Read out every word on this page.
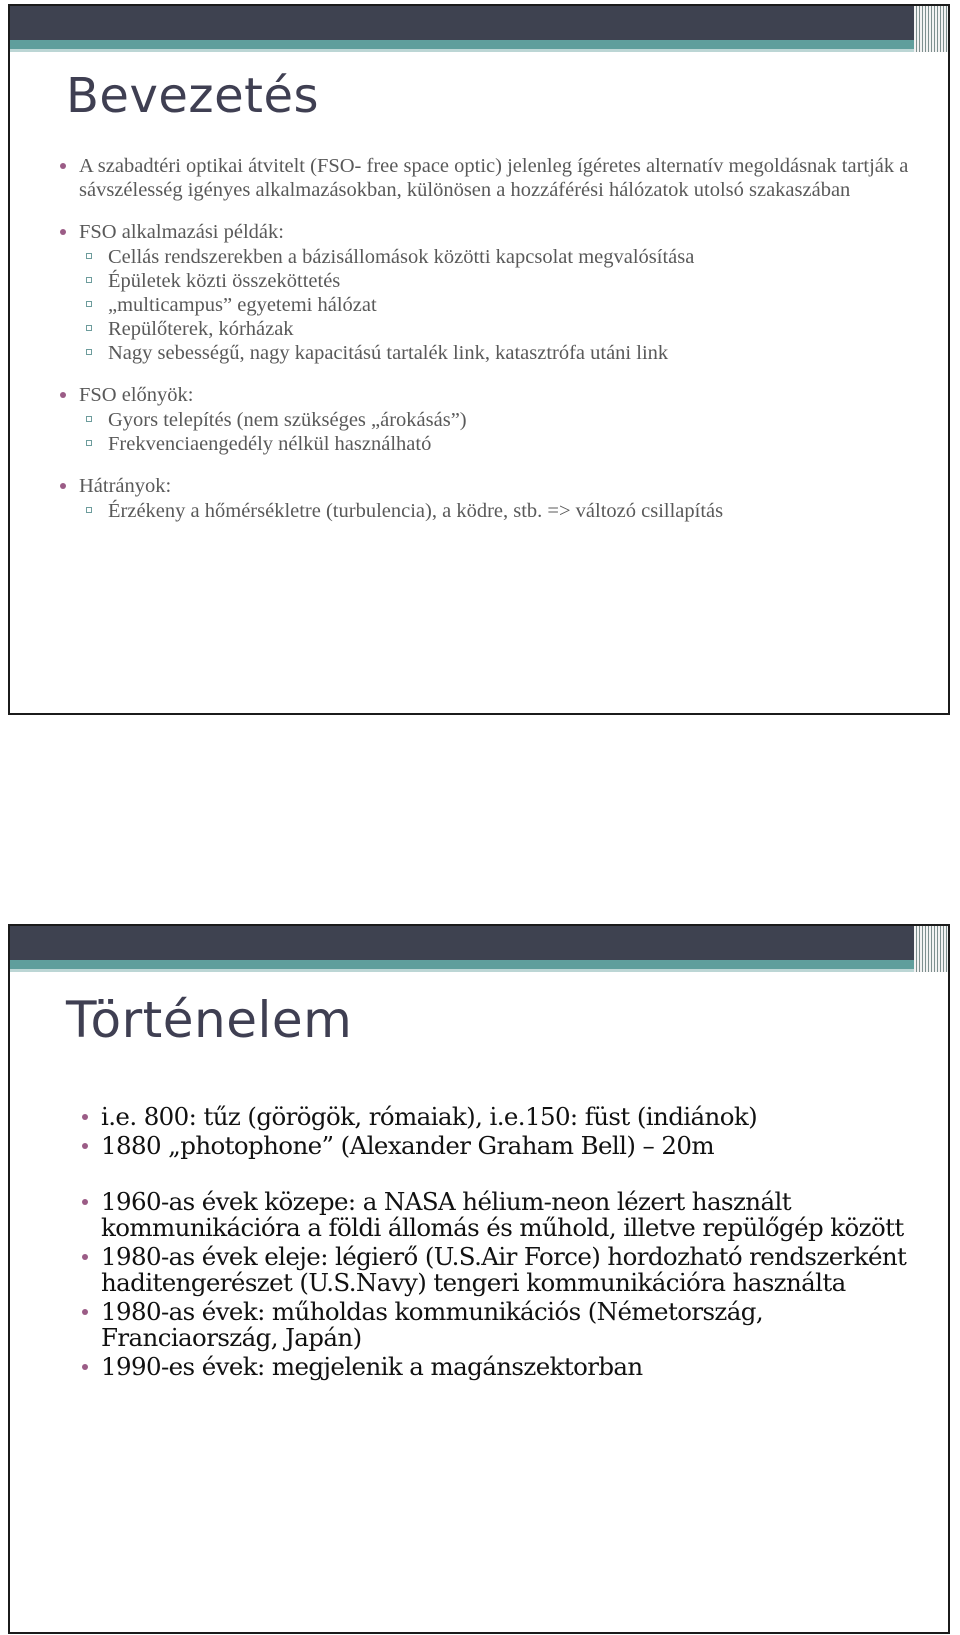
Bevezetés
A szabadtéri optikai átvitelt (FSO- free space optic) jelenleg ígéretes alternatív megoldásnak tartják a sávszélesség igényes alkalmazásokban, különösen a hozzáférési hálózatok utolsó szakaszában
FSO alkalmazási példák:
Cellás rendszerekben a bázisállomások közötti kapcsolat megvalósítása
Épületek közti összeköttetés
„multicampus” egyetemi hálózat
Repülőterek, kórházak
Nagy sebességű, nagy kapacitású tartalék link, katasztrófa utáni link
FSO előnyök:
Gyors telepítés (nem szükséges „árokásás”)
Frekvenciaengedély nélkül használható
Hátrányok:
Érzékeny a hőmérsékletre (turbulencia), a ködre, stb. => változó csillapítás
Történelem
i.e. 800: tűz (görögök, rómaiak), i.e.150: füst (indiánok)
1880 „photophone” (Alexander Graham Bell) – 20m
1960-as évek közepe: a NASA hélium-neon lézert használt kommunikációra a földi állomás és műhold, illetve repülőgép között
1980-as évek eleje: légierő (U.S.Air Force) hordozható rendszerként haditengerészet (U.S.Navy) tengeri kommunikációra használta
1980-as évek: műholdas kommunikációs (Németország, Franciaország, Japán)
1990-es évek: megjelenik a magánszektorban
